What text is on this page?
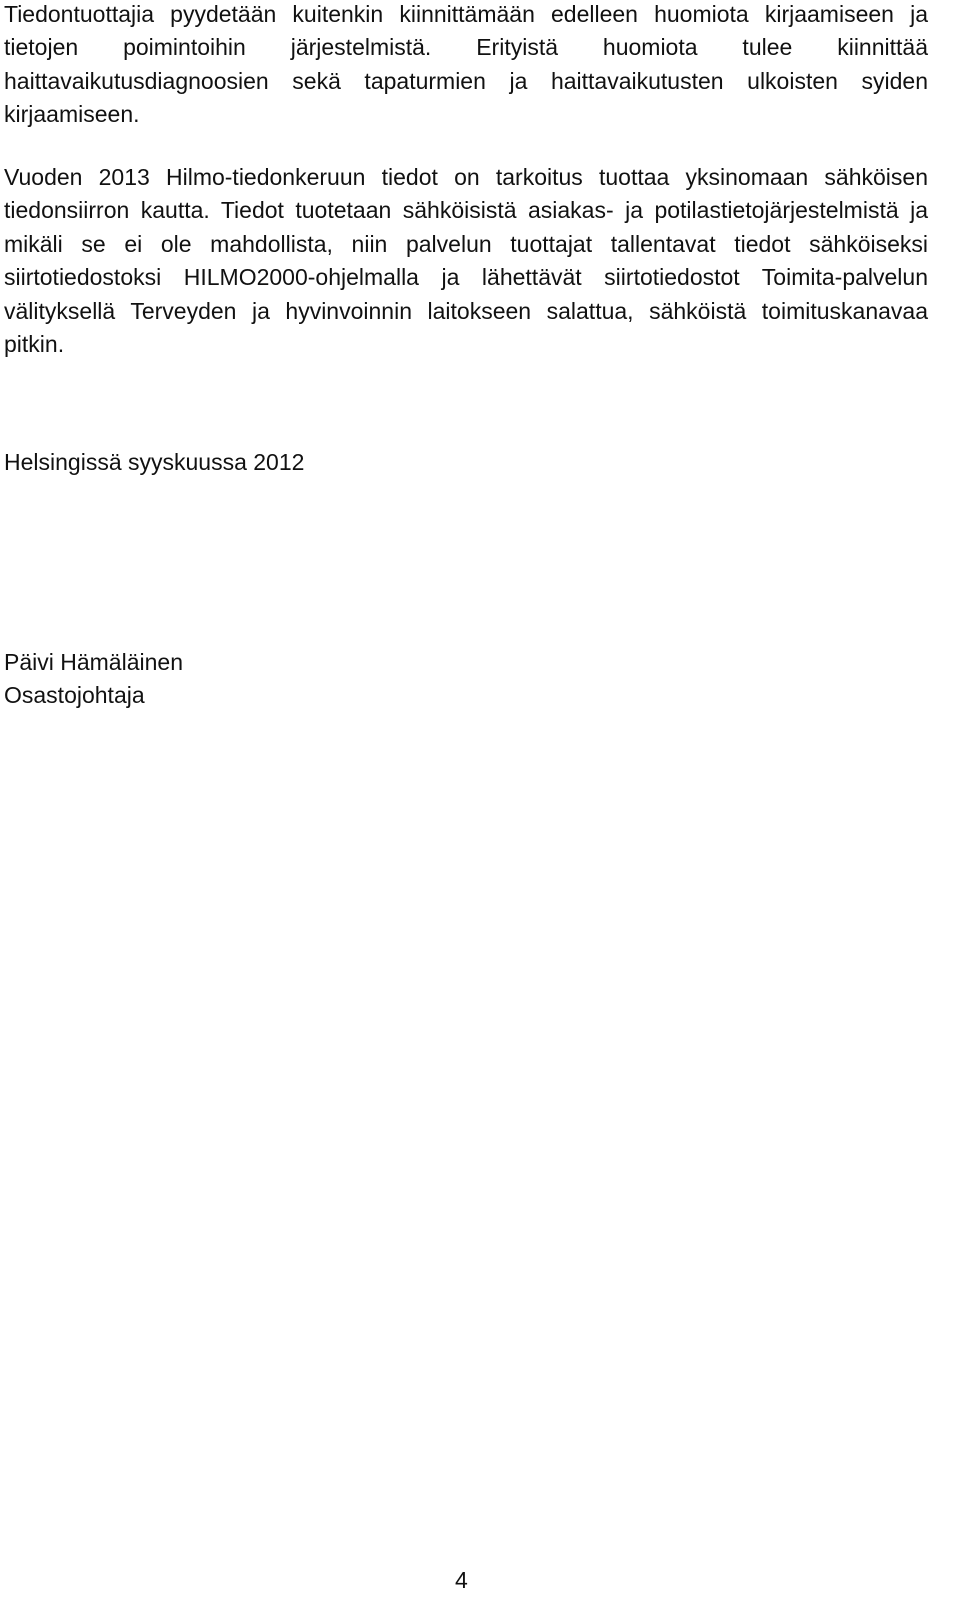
Tiedontuottajia pyydetään kuitenkin kiinnittämään edelleen huomiota kirjaamiseen ja tietojen poimintoihin järjestelmistä. Erityistä huomiota tulee kiinnittää haittavaikutusdiagnoosien sekä tapaturmien ja haittavaikutusten ulkoisten syiden kirjaamiseen.

Vuoden 2013 Hilmo-tiedonkeruun tiedot on tarkoitus tuottaa yksinomaan sähköisen tiedonsiirron kautta. Tiedot tuotetaan sähköisistä asiakas- ja potilastietojärjestelmistä ja mikäli se ei ole mahdollista, niin palvelun tuottajat tallentavat tiedot sähköiseksi siirtotiedostoksi HILMO2000-ohjelmalla ja lähettävät siirtotiedostot Toimita-palvelun välityksellä Terveyden ja hyvinvoinnin laitokseen salattua, sähköistä toimituskanavaa pitkin.

Helsingissä syyskuussa 2012

Päivi Hämäläinen

Osastojohtaja

4
